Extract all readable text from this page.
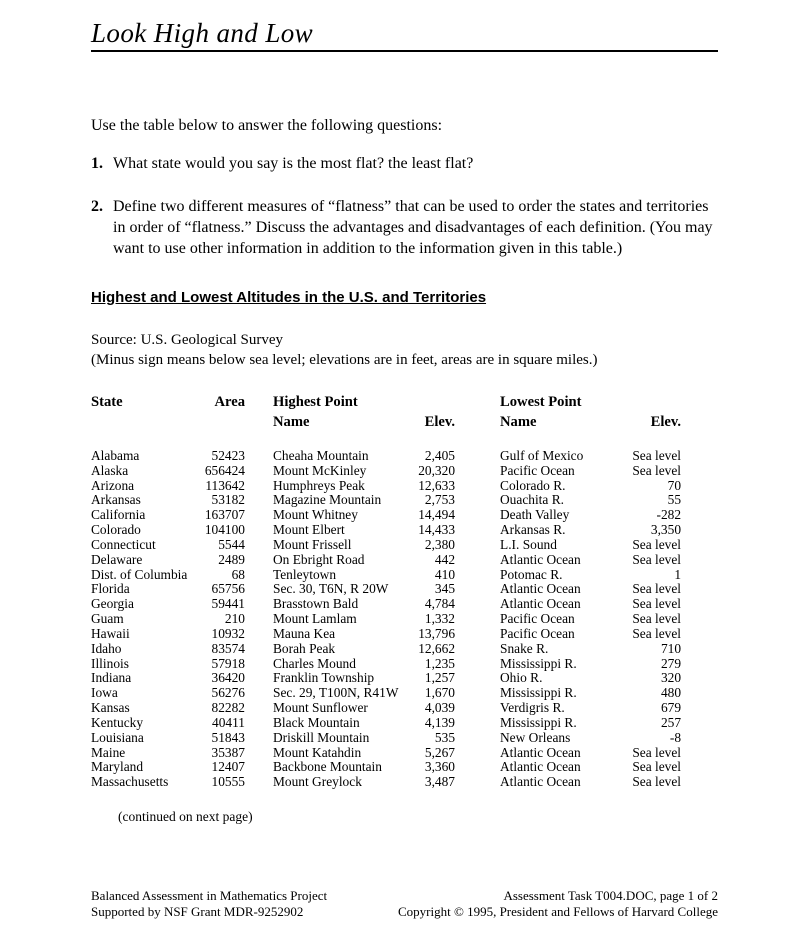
Look High and Low

Use the table below to answer the following questions:

1. What state would you say is the most flat? the least flat?
2. Define two different measures of “flatness” that can be used to order the states and territories in order of “flatness.” Discuss the advantages and disadvantages of each definition. (You may want to use other information in addition to the information given in this table.)
Highest and Lowest Altitudes in the U.S. and Territories

Source: U.S. Geological Survey

(Minus sign means below sea level; elevations are in feet, areas are in square miles.)

State	Area		Highest Point			Lowest Point	
			Name	Elev.		Name	Elev.
Alabama	52423		Cheaha Mountain	2,405		Gulf of Mexico	Sea level
Alaska	656424		Mount McKinley	20,320		Pacific Ocean	Sea level
Arizona	113642		Humphreys Peak	12,633		Colorado R.	70
Arkansas	53182		Magazine Mountain	2,753		Ouachita R.	55
California	163707		Mount Whitney	14,494		Death Valley	-282
Colorado	104100		Mount Elbert	14,433		Arkansas R.	3,350
Connecticut	5544		Mount Frissell	2,380		L.I. Sound	Sea level
Delaware	2489		On Ebright Road	442		Atlantic Ocean	Sea level
Dist. of Columbia	68		Tenleytown	410		Potomac R.	1
Florida	65756		Sec. 30, T6N, R 20W	345		Atlantic Ocean	Sea level
Georgia	59441		Brasstown Bald	4,784		Atlantic Ocean	Sea level
Guam	210		Mount Lamlam	1,332		Pacific Ocean	Sea level
Hawaii	10932		Mauna Kea	13,796		Pacific Ocean	Sea level
Idaho	83574		Borah Peak	12,662		Snake R.	710
Illinois	57918		Charles Mound	1,235		Mississippi R.	279
Indiana	36420		Franklin Township	1,257		Ohio R.	320
Iowa	56276		Sec. 29, T100N, R41W	1,670		Mississippi R.	480
Kansas	82282		Mount Sunflower	4,039		Verdigris R.	679
Kentucky	40411		Black Mountain	4,139		Mississippi R.	257
Louisiana	51843		Driskill Mountain	535		New Orleans	-8
Maine	35387		Mount Katahdin	5,267		Atlantic Ocean	Sea level
Maryland	12407		Backbone Mountain	3,360		Atlantic Ocean	Sea level
Massachusetts	10555		Mount Greylock	3,487		Atlantic Ocean	Sea level

(continued on next page)

Balanced Assessment in Mathematics Project
Supported by NSF Grant MDR-9252902
Assessment Task T004.DOC, page 1 of 2
Copyright © 1995, President and Fellows of Harvard College
